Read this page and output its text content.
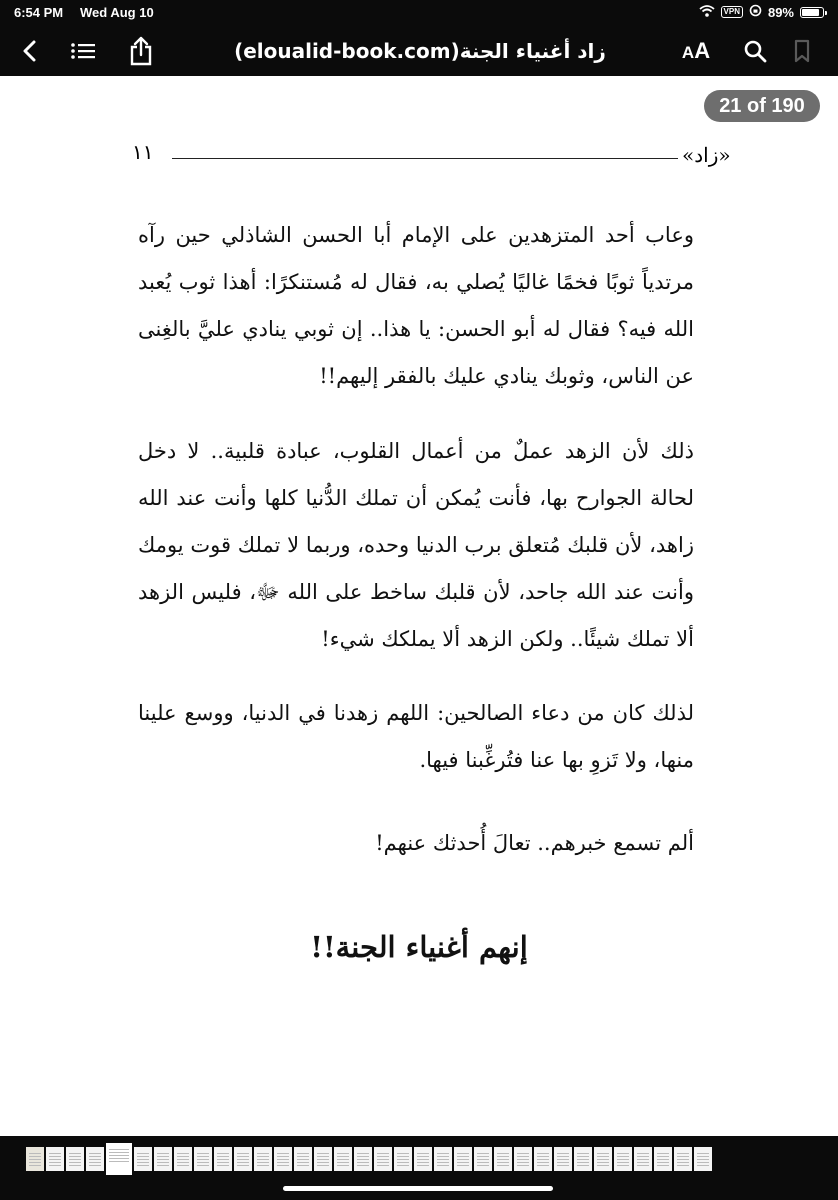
6:54 PM Wed Aug 10	VPN 89%
زاد أغنياء الجنة(eloualid-book.com)	AA
21 of 190
«زاد»
١١

وعاب أحد المتزهدين على الإمام أبا الحسن الشاذلي حين رآه مرتدياً ثوبًا فخمًا غاليًا يُصلي به، فقال له مُستنكرًا: أهذا ثوب يُعبد الله فيه؟ فقال له أبو الحسن: يا هذا.. إن ثوبي ينادي عليَّ بالغِنى عن الناس، وثوبك ينادي عليك بالفقر إليهم!!

ذلك لأن الزهد عملٌ من أعمال القلوب، عبادة قلبية.. لا دخل لحالة الجوارح بها، فأنت يُمكن أن تملك الدُّنيا كلها وأنت عند الله زاهد، لأن قلبك مُتعلق برب الدنيا وحده، وربما لا تملك قوت يومك وأنت عند الله جاحد، لأن قلبك ساخط على الله ﷻ، فليس الزهد ألا تملك شيئًا.. ولكن الزهد ألا يملكك شيء!

لذلك كان من دعاء الصالحين: اللهم زهدنا في الدنيا، ووسع علينا منها، ولا تَزوِ بها عنا فتُرغِّبنا فيها.

ألم تسمع خبرهم.. تعالَ أُحدثك عنهم!

إنهم أغنياء الجنة!!
